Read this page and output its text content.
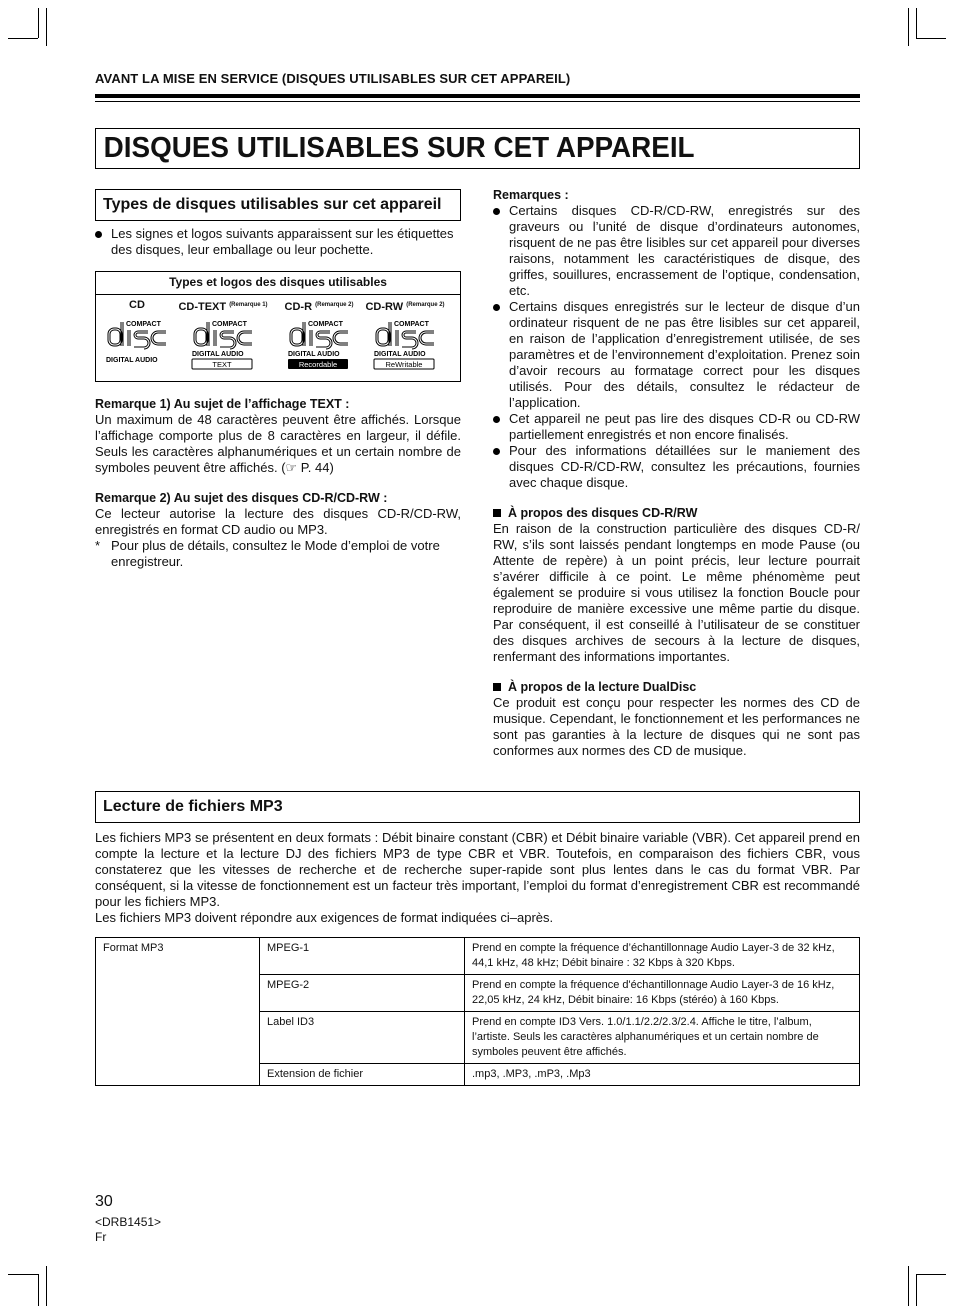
AVANT LA MISE EN SERVICE (DISQUES UTILISABLES SUR CET APPAREIL)
DISQUES UTILISABLES SUR CET APPAREIL
Types de disques utilisables sur cet appareil
Les signes et logos suivants apparaissent sur les étiquettes des disques, leur emballage ou leur pochette.
Types et logos des disques utilisables
CD
COMPACT
DIGITAL AUDIO
CD-TEXT $^{(Remarque 1)}$
COMPACT
DIGITAL AUDIO
TEXT
CD-R $^{(Remarque 2)}$
COMPACT
DIGITAL AUDIO
Recordable
CD-RW $^{(Remarque 2)}$
COMPACT
DIGITAL AUDIO
ReWritable
Remarque 1) Au sujet de l’affichage TEXT :
Un maximum de 48 caractères peuvent être affichés. Lorsque l’affichage comporte plus de 8 caractères en largeur, il défile. Seuls les caractères alphanumériques et un certain nombre de symboles peuvent être affichés. (☞ P. 44)
Remarque 2) Au sujet des disques CD-R/CD-RW :
Ce lecteur autorise la lecture des disques CD-R/CD-RW, enregistrés en format CD audio ou MP3.
* Pour plus de détails, consultez le Mode d’emploi de votre enregistreur.
Remarques :
Certains disques CD-R/CD-RW, enregistrés sur des graveurs ou l’unité de disque d’ordinateurs autonomes, risquent de ne pas être lisibles sur cet appareil pour diverses raisons, notamment les caractéristiques de disque, des griffes, souillures, encrassement de l’optique, condensation, etc.
Certains disques enregistrés sur le lecteur de disque d’un ordinateur risquent de ne pas être lisibles sur cet appareil, en raison de l’application d’enregistrement utilisée, de ses paramètres et de l’environnement d’exploitation. Prenez soin d’avoir recours au formatage correct pour les disques utilisés. Pour des détails, consultez le rédacteur de l’application.
Cet appareil ne peut pas lire des disques CD-R ou CD-RW partiellement enregistrés et non encore finalisés.
Pour des informations détaillées sur le maniement des disques CD-R/CD-RW, consultez les précautions, fournies avec chaque disque.
À propos des disques CD-R/RW
En raison de la construction particulière des disques CD-R/ RW, s’ils sont laissés pendant longtemps en mode Pause (ou Attente de repère) à un point précis, leur lecture pourrait s’avérer difficile à ce point. Le même phénomème peut également se produire si vous utilisez la fonction Boucle pour reproduire de manière excessive une même partie du disque. Par conséquent, il est conseillé à l’utilisateur de se constituer des disques archives de secours à la lecture de disques, renfermant des informations importantes.
À propos de la lecture DualDisc
Ce produit est conçu pour respecter les normes des CD de musique. Cependant, le fonctionnement et les performances ne sont pas garanties à la lecture de disques qui ne sont pas conformes aux normes des CD de musique.
Lecture de fichiers MP3
Les fichiers MP3 se présentent en deux formats : Débit binaire constant (CBR) et Débit binaire variable (VBR). Cet appareil prend en compte la lecture et la lecture DJ des fichiers MP3 de type CBR et VBR. Toutefois, en comparaison des fichiers CBR, vous constaterez que les vitesses de recherche et de recherche super-rapide sont plus lentes dans le cas du format VBR. Par conséquent, si la vitesse de fonctionnement est un facteur très important, l’emploi du format d’enregistrement CBR est recommandé pour les fichiers MP3.
Les fichiers MP3 doivent répondre aux exigences de format indiquées ci–après.
Format MP3	MPEG-1	Prend en compte la fréquence d’échantillonnage Audio Layer-3 de 32 kHz, 44,1 kHz, 48 kHz; Débit binaire : 32 Kbps à 320 Kbps.
	MPEG-2	Prend en compte la fréquence d'échantillonnage Audio Layer-3 de 16 kHz, 22,05 kHz, 24 kHz, Débit binaire: 16 Kbps (stéréo) à 160 Kbps.
	Label ID3	Prend en compte ID3 Vers. 1.0/1.1/2.2/2.3/2.4. Affiche le titre, l’album, l’artiste. Seuls les caractères alphanumériques et un certain nombre de symboles peuvent être affichés.
	Extension de fichier	.mp3, .MP3, .mP3, .Mp3
30
<DRB1451>
Fr
